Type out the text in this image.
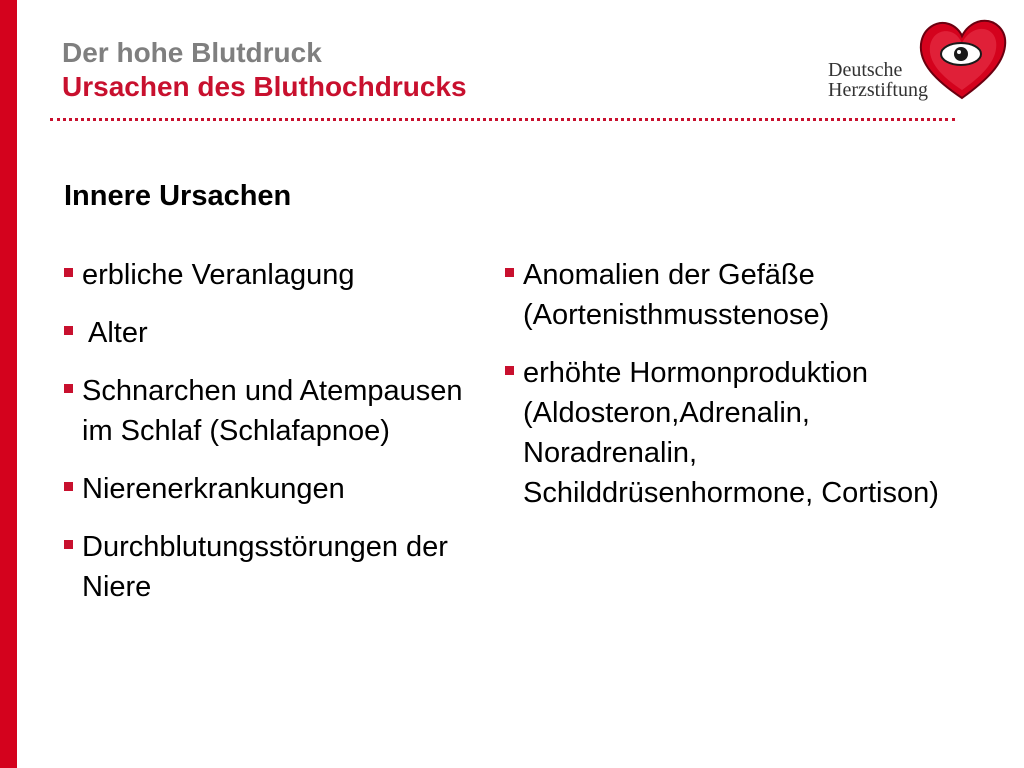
Der hohe Blutdruck
Ursachen des Bluthochdrucks
Deutsche
Herzstiftung
Innere Ursachen
erbliche Veranlagung
Alter
Schnarchen und Atempausen im Schlaf (Schlafapnoe)
Nierenerkrankungen
Durchblutungsstörungen der Niere
Anomalien der Gefäße (Aortenisthmusstenose)
erhöhte Hormonproduktion (Aldosteron,Adrenalin, Noradrenalin, Schilddrüsenhormone, Cortison)
